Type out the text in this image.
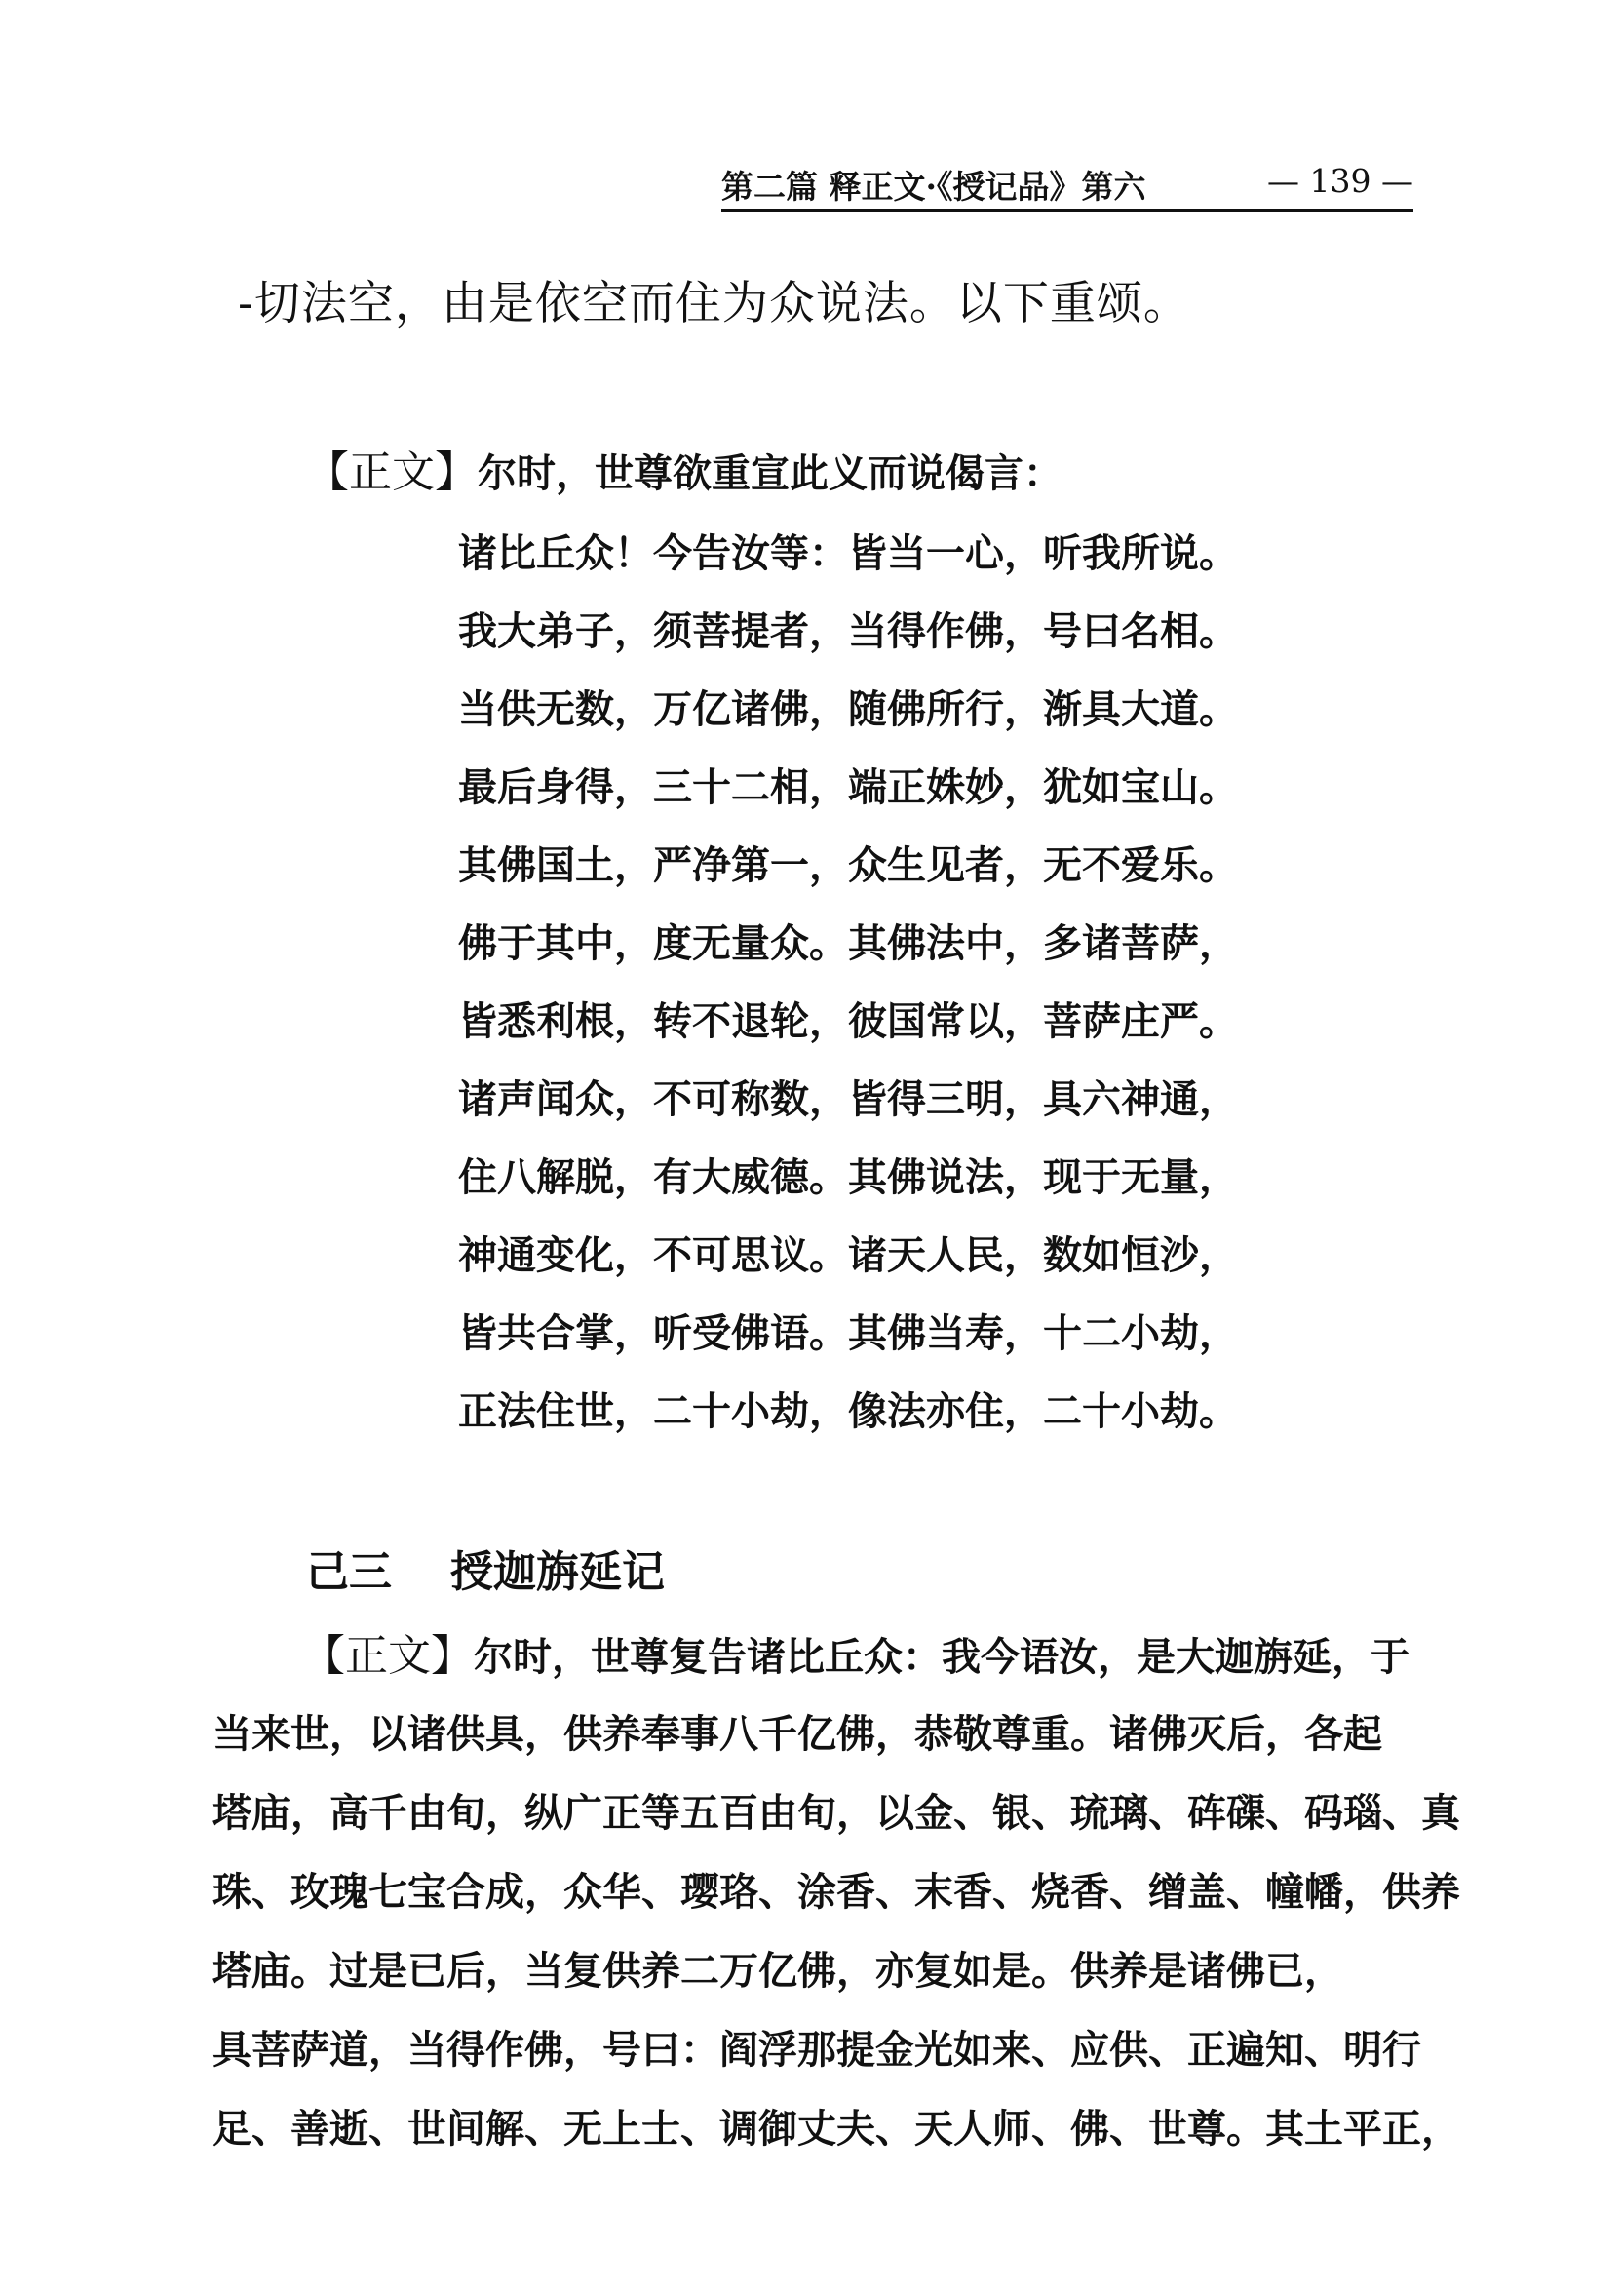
第二篇 释正文·《授记品》第六	— 139 —
-切法空，由是依空而住为众说法。以下重颂。
【正文】尔时，世尊欲重宣此义而说偈言：
诸比丘众！今告汝等：皆当一心，听我所说。
我大弟子，须菩提者，当得作佛，号曰名相。
当供无数，万亿诸佛，随佛所行，渐具大道。
最后身得，三十二相，端正姝妙，犹如宝山。
其佛国土，严净第一，众生见者，无不爱乐。
佛于其中，度无量众。其佛法中，多诸菩萨，
皆悉利根，转不退轮，彼国常以，菩萨庄严。
诸声闻众，不可称数，皆得三明，具六神通，
住八解脱，有大威德。其佛说法，现于无量，
神通变化，不可思议。诸天人民，数如恒沙，
皆共合掌，听受佛语。其佛当寿，十二小劫，
正法住世，二十小劫，像法亦住，二十小劫。
己三 授迦旃延记
【正文】尔时，世尊复告诸比丘众：我今语汝，是大迦旃延，于
当来世，以诸供具，供养奉事八千亿佛，恭敬尊重。诸佛灭后，各起
塔庙，高千由旬，纵广正等五百由旬，以金、银、琉璃、砗磲、码瑙、真
珠、玫瑰七宝合成，众华、璎珞、涂香、末香、烧香、缯盖、幢幡，供养
塔庙。过是已后，当复供养二万亿佛，亦复如是。供养是诸佛已，
具菩萨道，当得作佛，号曰：阎浮那提金光如来、应供、正遍知、明行
足、善逝、世间解、无上士、调御丈夫、天人师、佛、世尊。其土平正，
